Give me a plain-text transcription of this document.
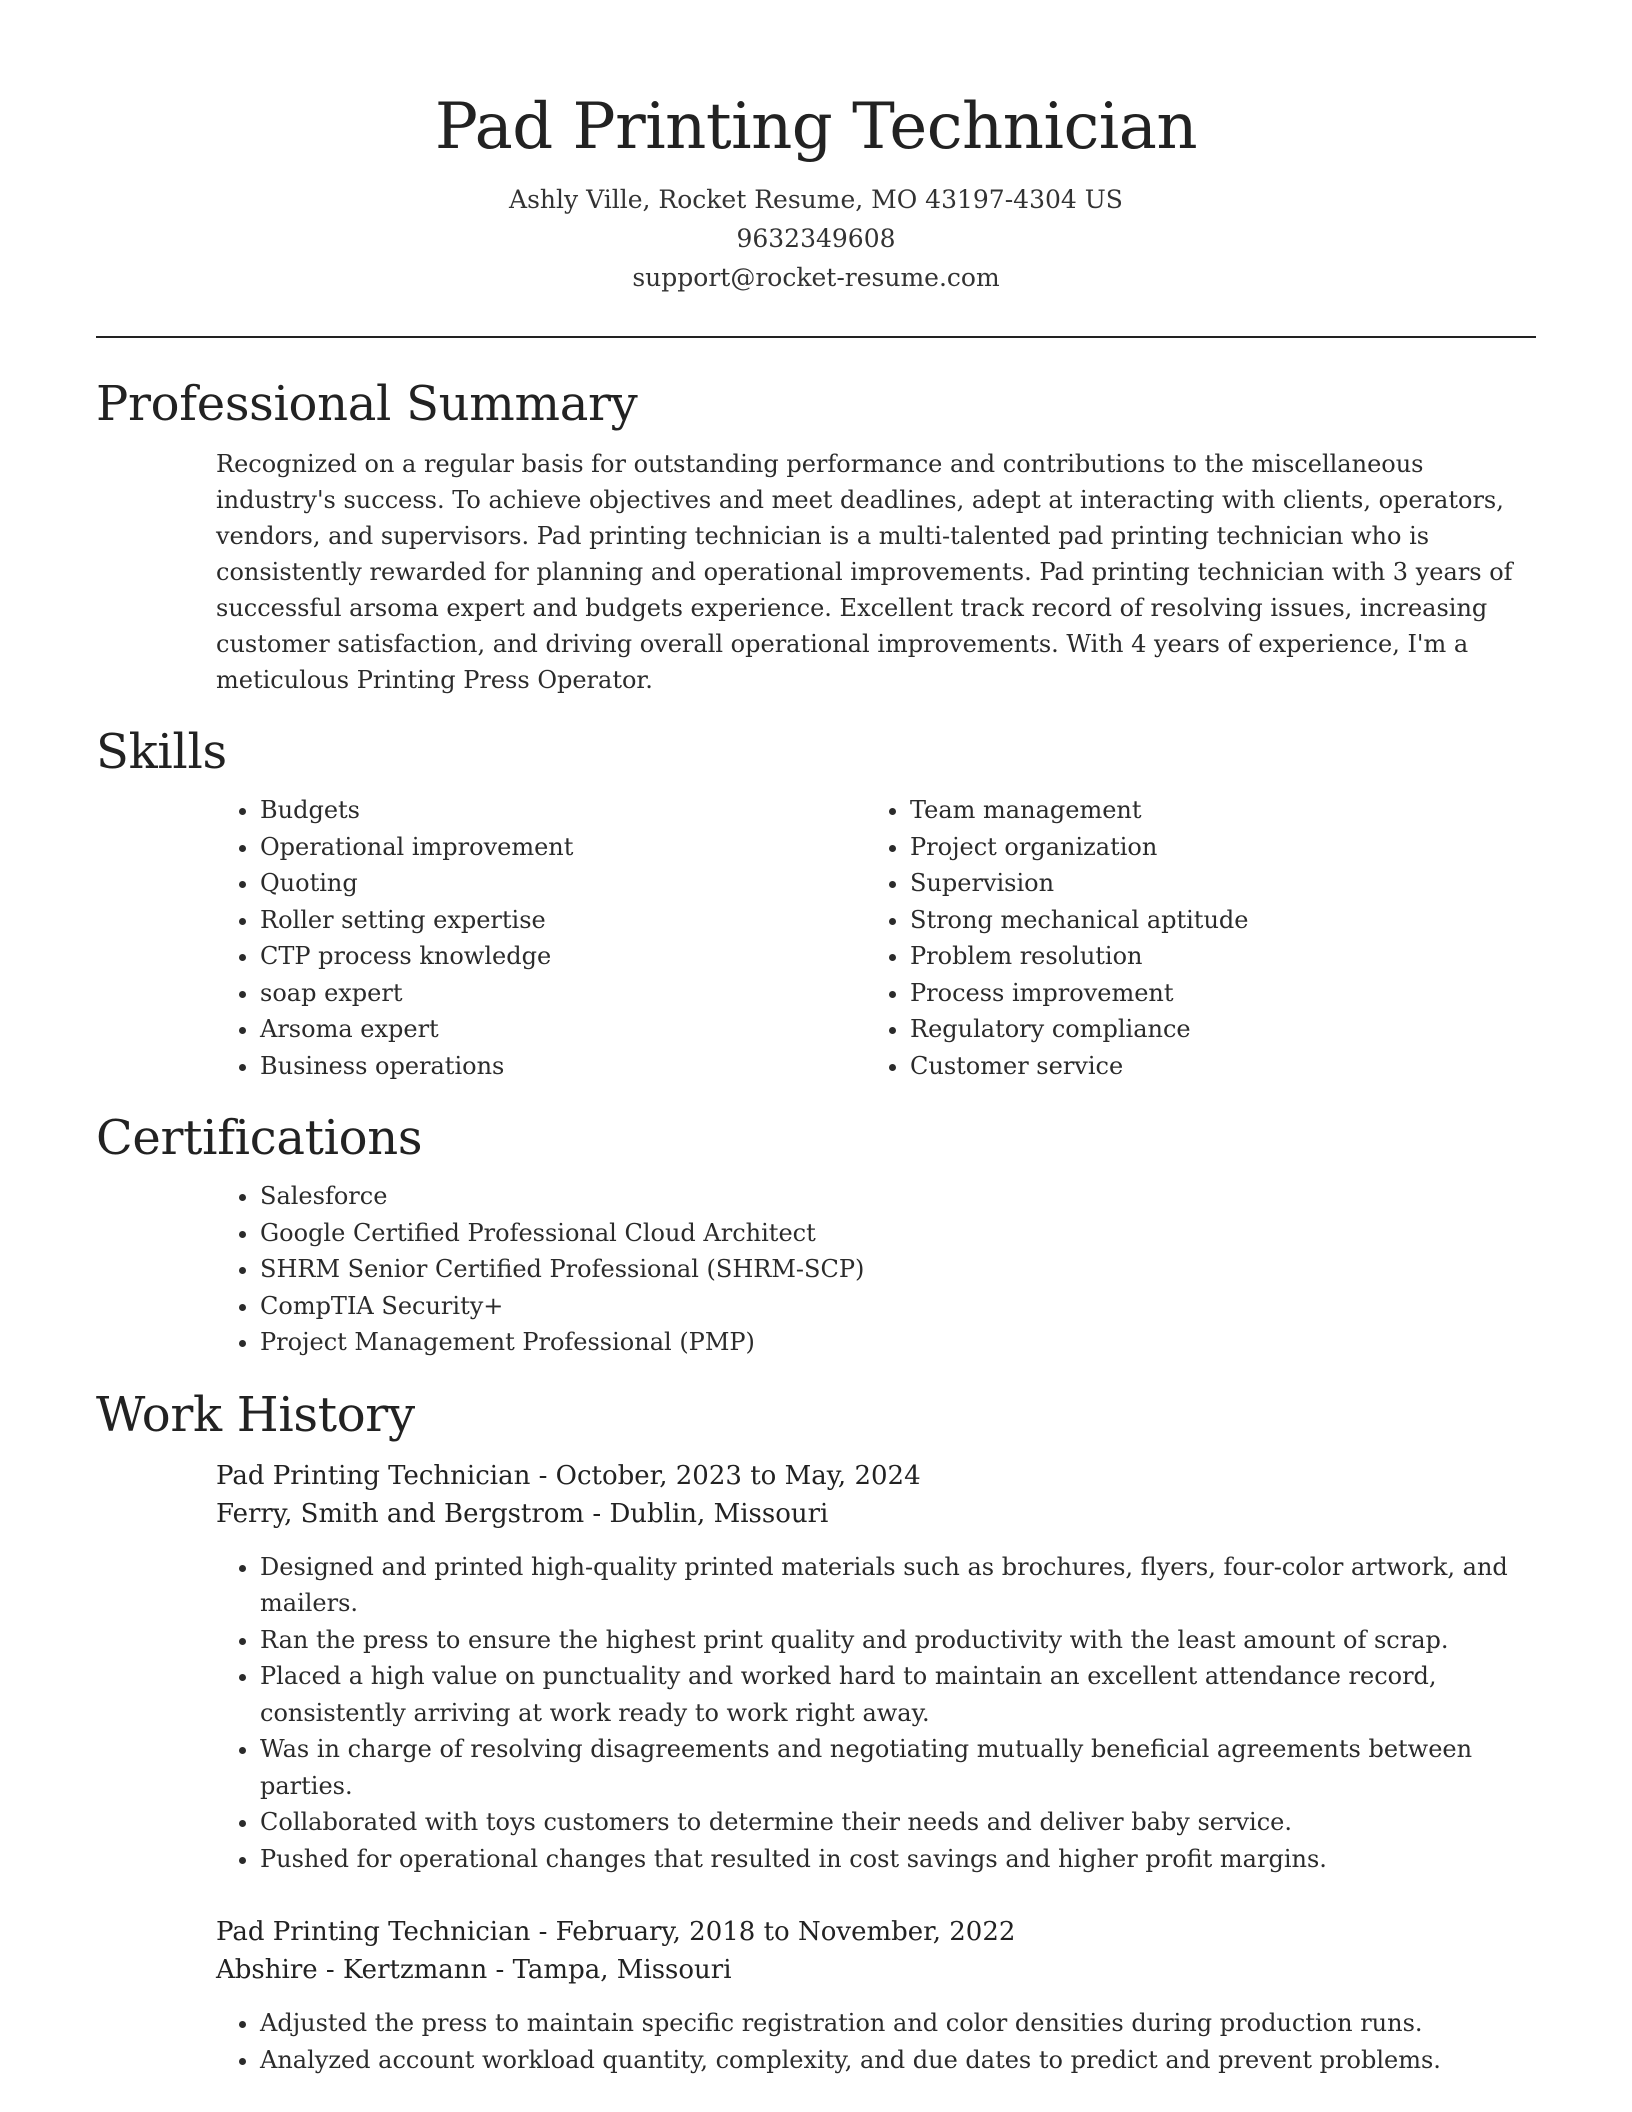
Pad Printing Technician
Ashly Ville, Rocket Resume, MO 43197-4304 US
9632349608
support@rocket-resume.com
Professional Summary

Recognized on a regular basis for outstanding performance and contributions to the miscellaneous industry's success. To achieve objectives and meet deadlines, adept at interacting with clients, operators, vendors, and supervisors. Pad printing technician is a multi-talented pad printing technician who is consistently rewarded for planning and operational improvements. Pad printing technician with 3 years of successful arsoma expert and budgets experience. Excellent track record of resolving issues, increasing customer satisfaction, and driving overall operational improvements. With 4 years of experience, I'm a meticulous Printing Press Operator.

Skills
• Budgets
• Operational improvement
• Quoting
• Roller setting expertise
• CTP process knowledge
• soap expert
• Arsoma expert
• Business operations
• Team management
• Project organization
• Supervision
• Strong mechanical aptitude
• Problem resolution
• Process improvement
• Regulatory compliance
• Customer service
Certifications
• Salesforce
• Google Certified Professional Cloud Architect
• SHRM Senior Certified Professional (SHRM-SCP)
• CompTIA Security+
• Project Management Professional (PMP)
Work History
Pad Printing Technician - October, 2023 to May, 2024
Ferry, Smith and Bergstrom - Dublin, Missouri
• Designed and printed high-quality printed materials such as brochures, flyers, four-color artwork, and mailers.
• Ran the press to ensure the highest print quality and productivity with the least amount of scrap.
• Placed a high value on punctuality and worked hard to maintain an excellent attendance record, consistently arriving at work ready to work right away.
• Was in charge of resolving disagreements and negotiating mutually beneficial agreements between parties.
• Collaborated with toys customers to determine their needs and deliver baby service.
• Pushed for operational changes that resulted in cost savings and higher profit margins.
Pad Printing Technician - February, 2018 to November, 2022
Abshire - Kertzmann - Tampa, Missouri
• Adjusted the press to maintain specific registration and color densities during production runs.
• Analyzed account workload quantity, complexity, and due dates to predict and prevent problems.
